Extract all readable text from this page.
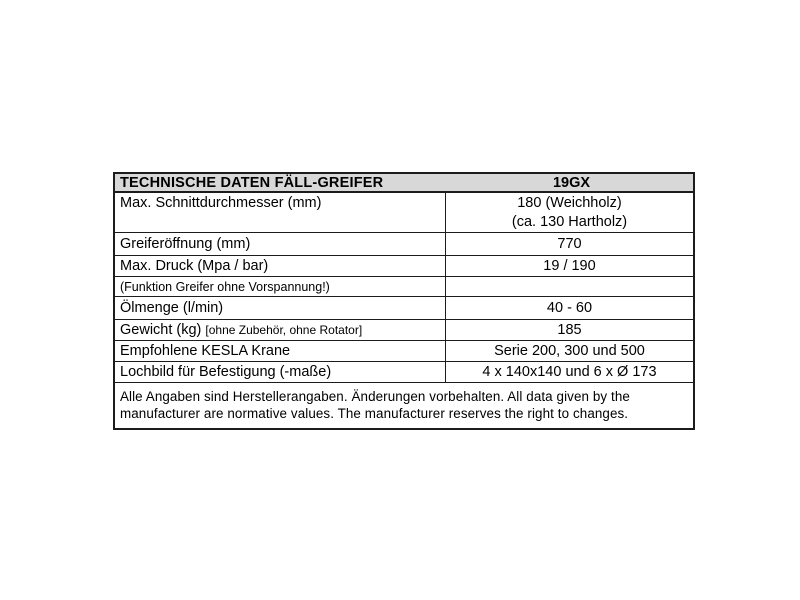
TECHNISCHE DATEN FÄLL-GREIFER	19GX
Max. Schnittdurchmesser (mm)	180 (Weichholz)
(ca. 130 Hartholz)
Greiferöffnung (mm)	770
Max. Druck (Mpa / bar)	19 / 190
(Funktion Greifer ohne Vorspannung!)
Ölmenge (l/min)	40 - 60
Gewicht (kg) [ohne Zubehör, ohne Rotator]	185
Empfohlene KESLA Krane	Serie 200, 300 und 500
Lochbild für Befestigung (-maße)	4 x 140x140 und 6 x Ø 173
Alle Angaben sind Herstellerangaben. Änderungen vorbehalten. All data given by the manufacturer are normative values. The manufacturer reserves the right to changes.
